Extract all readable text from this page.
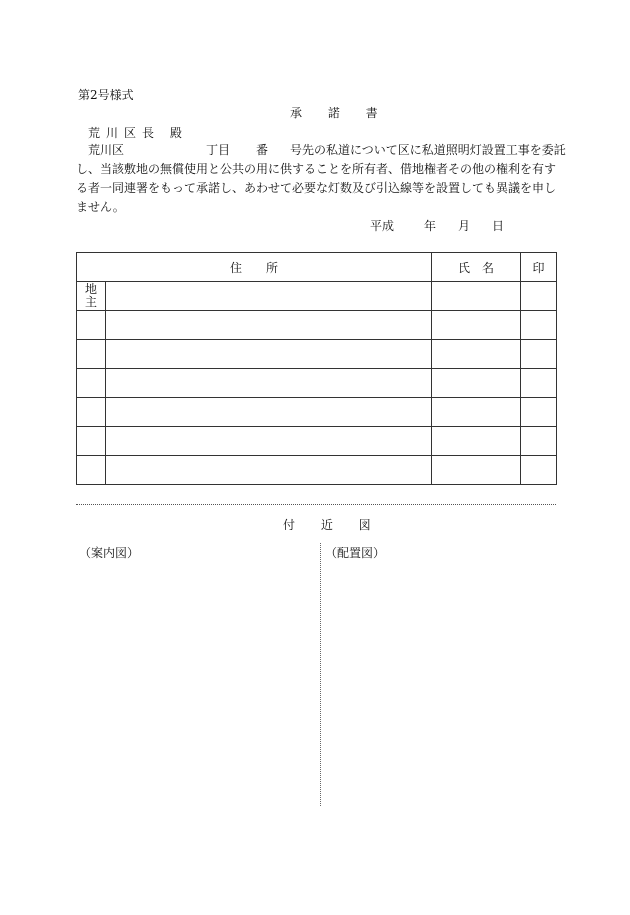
第2号様式
承 諾 書
荒川区長 殿
荒川区	丁目 番 号先の私道について区に私道照明灯設置工事を委託
し、当該敷地の無償使用と公共の用に供することを所有者、借地権者その他の権利を有す
る者一同連署をもって承諾し、あわせて必要な灯数及び引込線等を設置しても異議を申し
ません。
平成	年 月 日
住　　所		氏　名	印
地主			

付 近 図
（案内図）	（配置図）
